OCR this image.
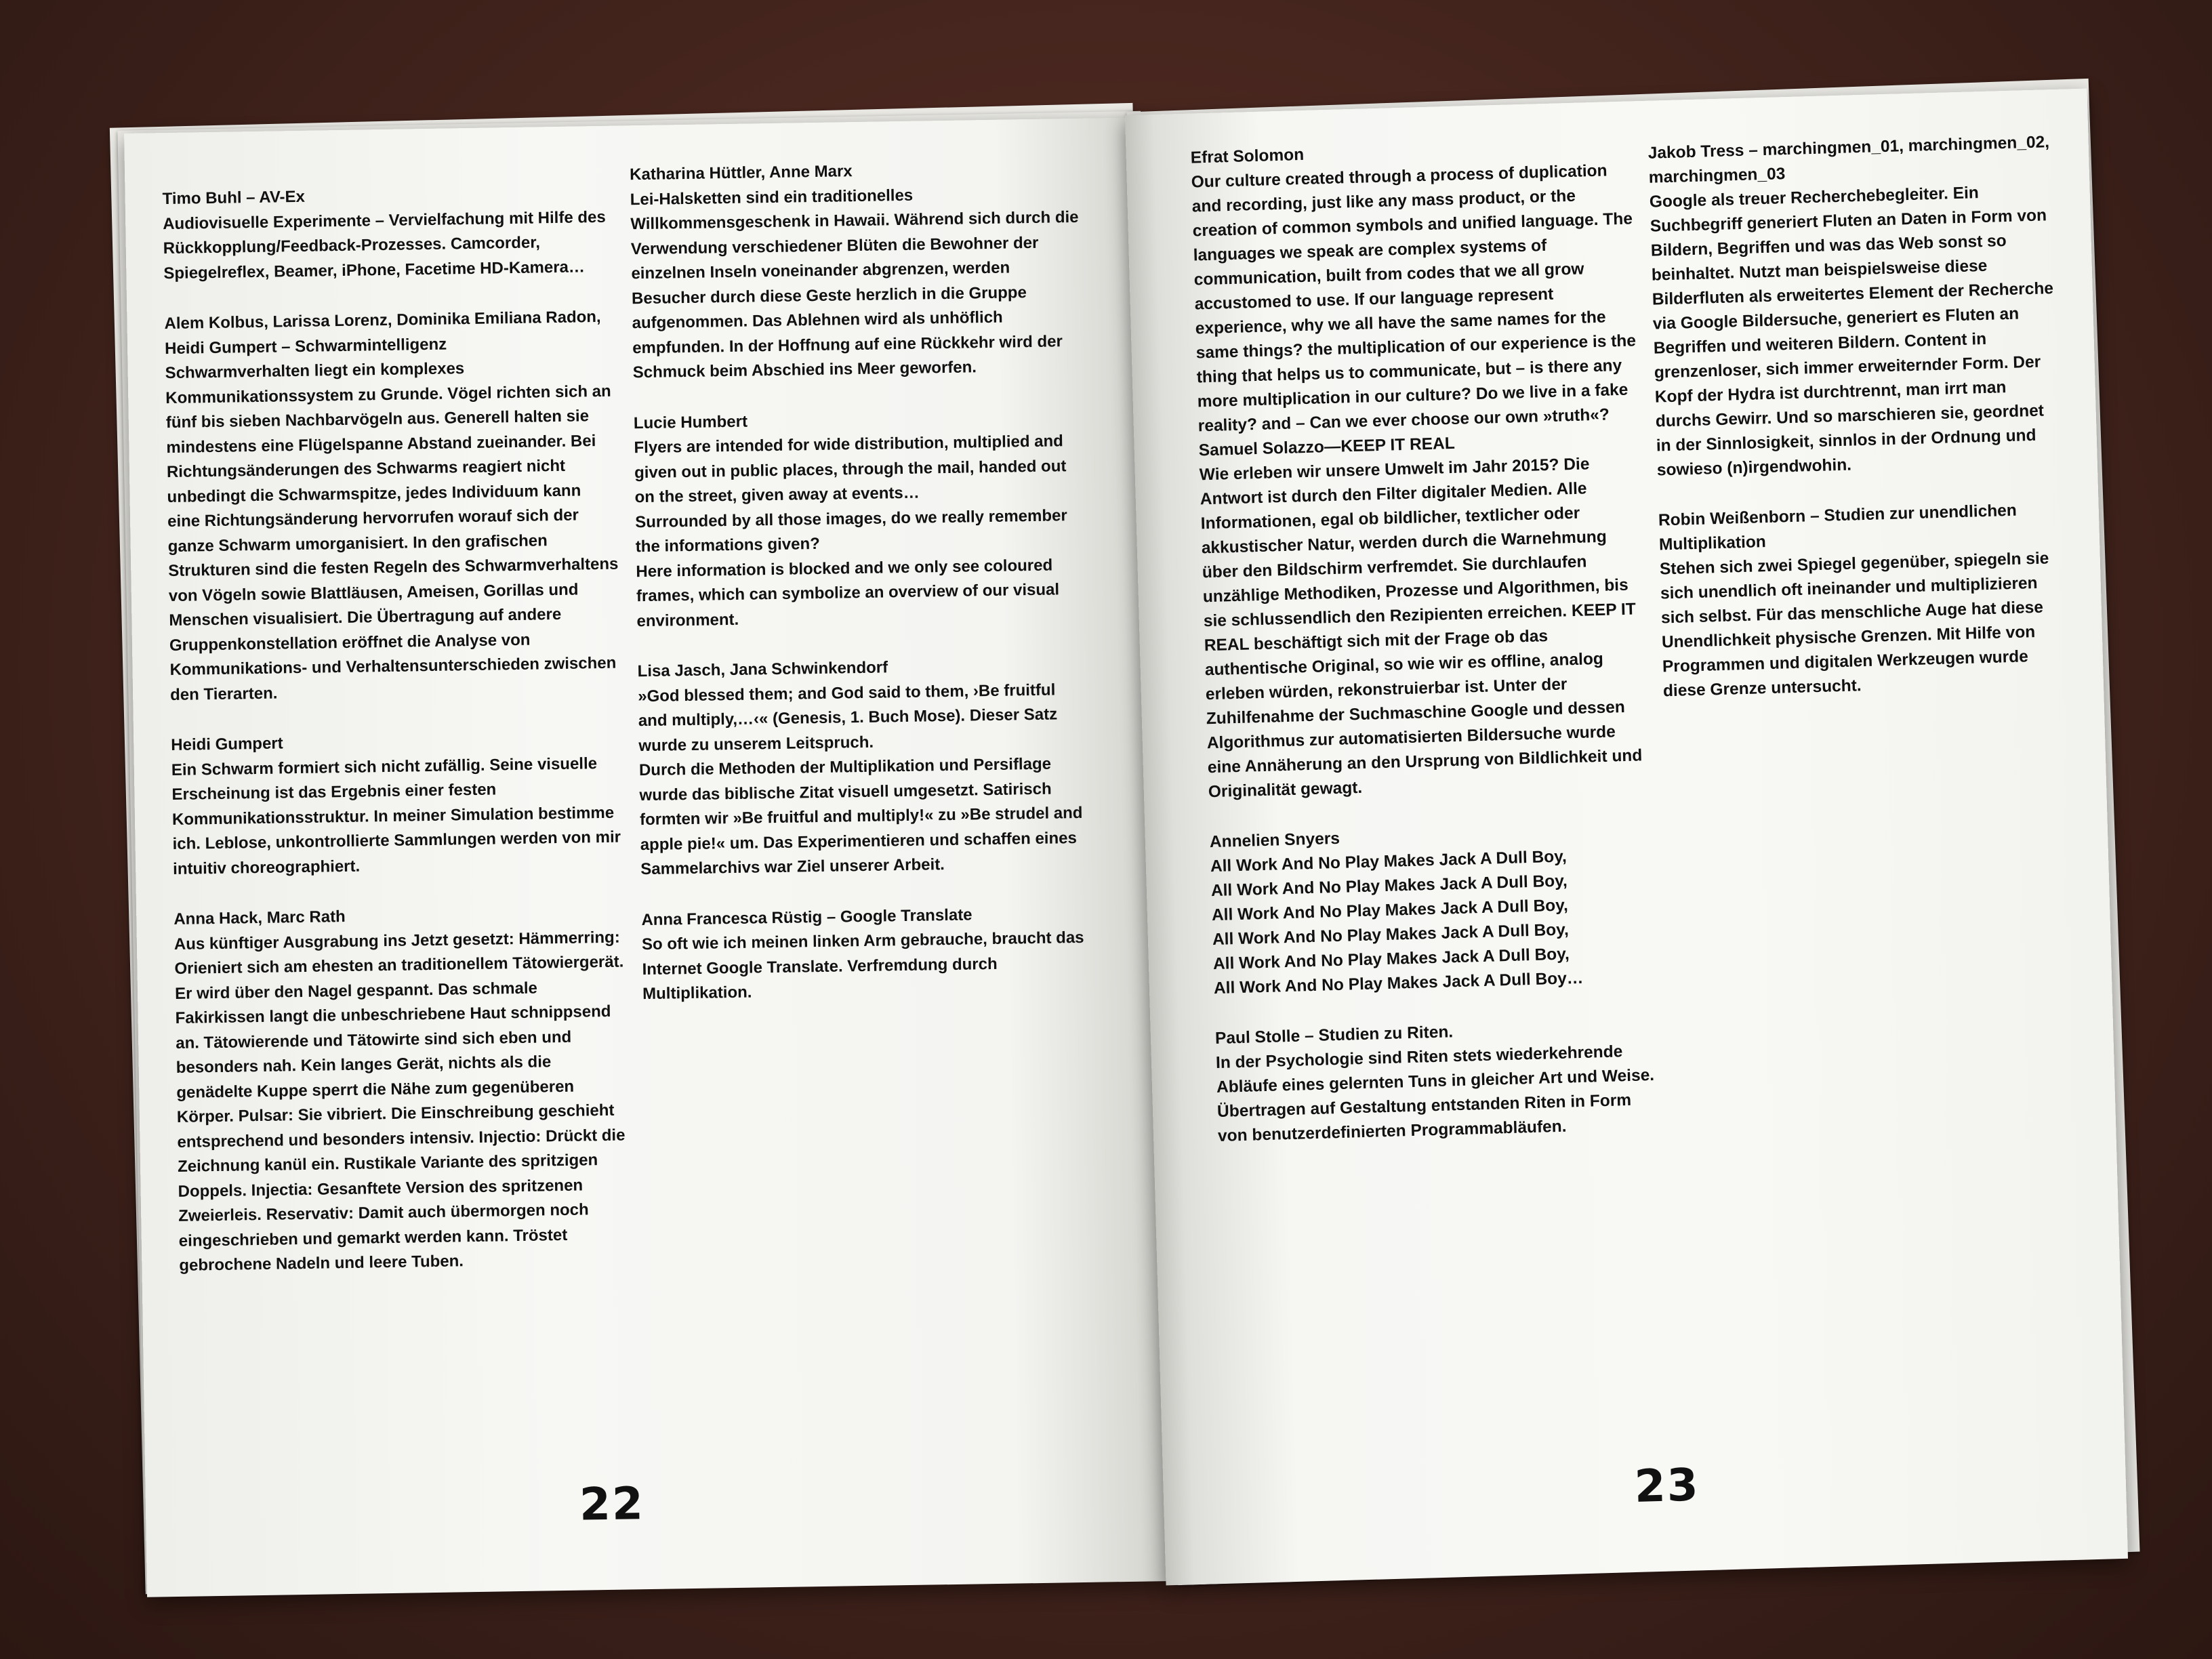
Timo Buhl – AV-Ex
Audiovisuelle Experimente – Vervielfachung mit Hilfe des Rückkopplung/Feedback-Prozesses. Camcorder, Spiegelreflex, Beamer, iPhone, Facetime HD-Kamera…
Alem Kolbus, Larissa Lorenz, Dominika Emiliana Radon,
Heidi Gumpert – Schwarmintelligenz
Schwarmverhalten liegt ein komplexes Kommunikationssystem zu Grunde. Vögel richten sich an fünf bis sieben Nachbarvögeln aus. Generell halten sie mindestens eine Flügelspanne Abstand zueinander. Bei Richtungsänderungen des Schwarms reagiert nicht unbedingt die Schwarmspitze, jedes Individuum kann eine Richtungsänderung hervorrufen worauf sich der ganze Schwarm umorganisiert. In den grafischen Strukturen sind die festen Regeln des Schwarmverhaltens von Vögeln sowie Blattläusen, Ameisen, Gorillas und Menschen visualisiert. Die Übertragung auf andere Gruppenkonstellation eröffnet die Analyse von Kommunikations- und Verhaltensunterschieden zwischen den Tierarten.
Heidi Gumpert
Ein Schwarm formiert sich nicht zufällig. Seine visuelle Erscheinung ist das Ergebnis einer festen Kommunikationsstruktur. In meiner Simulation bestimme ich. Leblose, unkontrollierte Sammlungen werden von mir intuitiv choreographiert.
Anna Hack, Marc Rath
Aus künftiger Ausgrabung ins Jetzt gesetzt: Hämmerring: Orieniert sich am ehesten an traditionellem Tätowiergerät. Er wird über den Nagel gespannt. Das schmale Fakirkissen langt die unbeschriebene Haut schnippsend an. Tätowierende und Tätowirte sind sich eben und besonders nah. Kein langes Gerät, nichts als die genädelte Kuppe sperrt die Nähe zum gegenüberen Körper. Pulsar: Sie vibriert. Die Einschreibung geschieht entsprechend und besonders intensiv. Injectio: Drückt die Zeichnung kanül ein. Rustikale Variante des spritzigen Doppels. Injectia: Gesanftete Version des spritzenen Zweierleis. Reservativ: Damit auch übermorgen noch eingeschrieben und gemarkt werden kann. Tröstet gebrochene Nadeln und leere Tuben.
Katharina Hüttler, Anne Marx
Lei-Halsketten sind ein traditionelles Willkommensgeschenk in Hawaii. Während sich durch die Verwendung verschiedener Blüten die Bewohner der einzelnen Inseln voneinander abgrenzen, werden Besucher durch diese Geste herzlich in die Gruppe aufgenommen. Das Ablehnen wird als unhöflich empfunden. In der Hoffnung auf eine Rückkehr wird der Schmuck beim Abschied ins Meer geworfen.
Lucie Humbert
Flyers are intended for wide distribution, multiplied and given out in public places, through the mail, handed out on the street, given away at events…
Surrounded by all those images, do we really remember the informations given?
Here information is blocked and we only see coloured frames, which can symbolize an overview of our visual environment.
Lisa Jasch, Jana Schwinkendorf
»God blessed them; and God said to them, ›Be fruitful and multiply,…‹« (Genesis, 1. Buch Mose). Dieser Satz wurde zu unserem Leitspruch.
Durch die Methoden der Multiplikation und Persiflage wurde das biblische Zitat visuell umgesetzt. Satirisch formten wir »Be fruitful and multiply!« zu »Be strudel and apple pie!« um. Das Experimentieren und schaffen eines Sammelarchivs war Ziel unserer Arbeit.
Anna Francesca Rüstig – Google Translate
So oft wie ich meinen linken Arm gebrauche, braucht das Internet Google Translate. Verfremdung durch Multiplikation.
22
Efrat Solomon
Our culture created through a process of duplication and recording, just like any mass product, or the creation of common symbols and unified language. The languages we speak are complex systems of communication, built from codes that we all grow accustomed to use. If our language represent experience, why we all have the same names for the same things? the multiplication of our experience is the thing that helps us to communicate, but – is there any more multiplication in our culture? Do we live in a fake reality? and – Can we ever choose our own »truth«?
Samuel Solazzo—KEEP IT REAL
Wie erleben wir unsere Umwelt im Jahr 2015? Die Antwort ist durch den Filter digitaler Medien. Alle Informationen, egal ob bildlicher, textlicher oder akkustischer Natur, werden durch die Warnehmung über den Bildschirm verfremdet. Sie durchlaufen unzählige Methodiken, Prozesse und Algorithmen, bis sie schlussendlich den Rezipienten erreichen. KEEP IT REAL beschäftigt sich mit der Frage ob das authentische Original, so wie wir es offline, analog erleben würden, rekonstruierbar ist. Unter der Zuhilfenahme der Suchmaschine Google und dessen Algorithmus zur automatisierten Bildersuche wurde eine Annäherung an den Ursprung von Bildlichkeit und Originalität gewagt.
Annelien Snyers
All Work And No Play Makes Jack A Dull Boy,
All Work And No Play Makes Jack A Dull Boy,
All Work And No Play Makes Jack A Dull Boy,
All Work And No Play Makes Jack A Dull Boy,
All Work And No Play Makes Jack A Dull Boy,
All Work And No Play Makes Jack A Dull Boy…
Paul Stolle – Studien zu Riten.
In der Psychologie sind Riten stets wiederkehrende Abläufe eines gelernten Tuns in gleicher Art und Weise. Übertragen auf Gestaltung entstanden Riten in Form von benutzerdefinierten Programmabläufen.
Jakob Tress – marchingmen_01, marchingmen_02, marchingmen_03
Google als treuer Recherchebegleiter. Ein Suchbegriff generiert Fluten an Daten in Form von Bildern, Begriffen und was das Web sonst so beinhaltet. Nutzt man beispielsweise diese Bilderfluten als erweitertes Element der Recherche via Google Bildersuche, generiert es Fluten an Begriffen und weiteren Bildern. Content in grenzenloser, sich immer erweiternder Form. Der Kopf der Hydra ist durchtrennt, man irrt man durchs Gewirr. Und so marschieren sie, geordnet in der Sinnlosigkeit, sinnlos in der Ordnung und sowieso (n)irgendwohin.
Robin Weißenborn – Studien zur unendlichen Multiplikation
Stehen sich zwei Spiegel gegenüber, spiegeln sie sich unendlich oft ineinander und multiplizieren sich selbst. Für das menschliche Auge hat diese Unendlichkeit physische Grenzen. Mit Hilfe von Programmen und digitalen Werkzeugen wurde diese Grenze untersucht.
23
